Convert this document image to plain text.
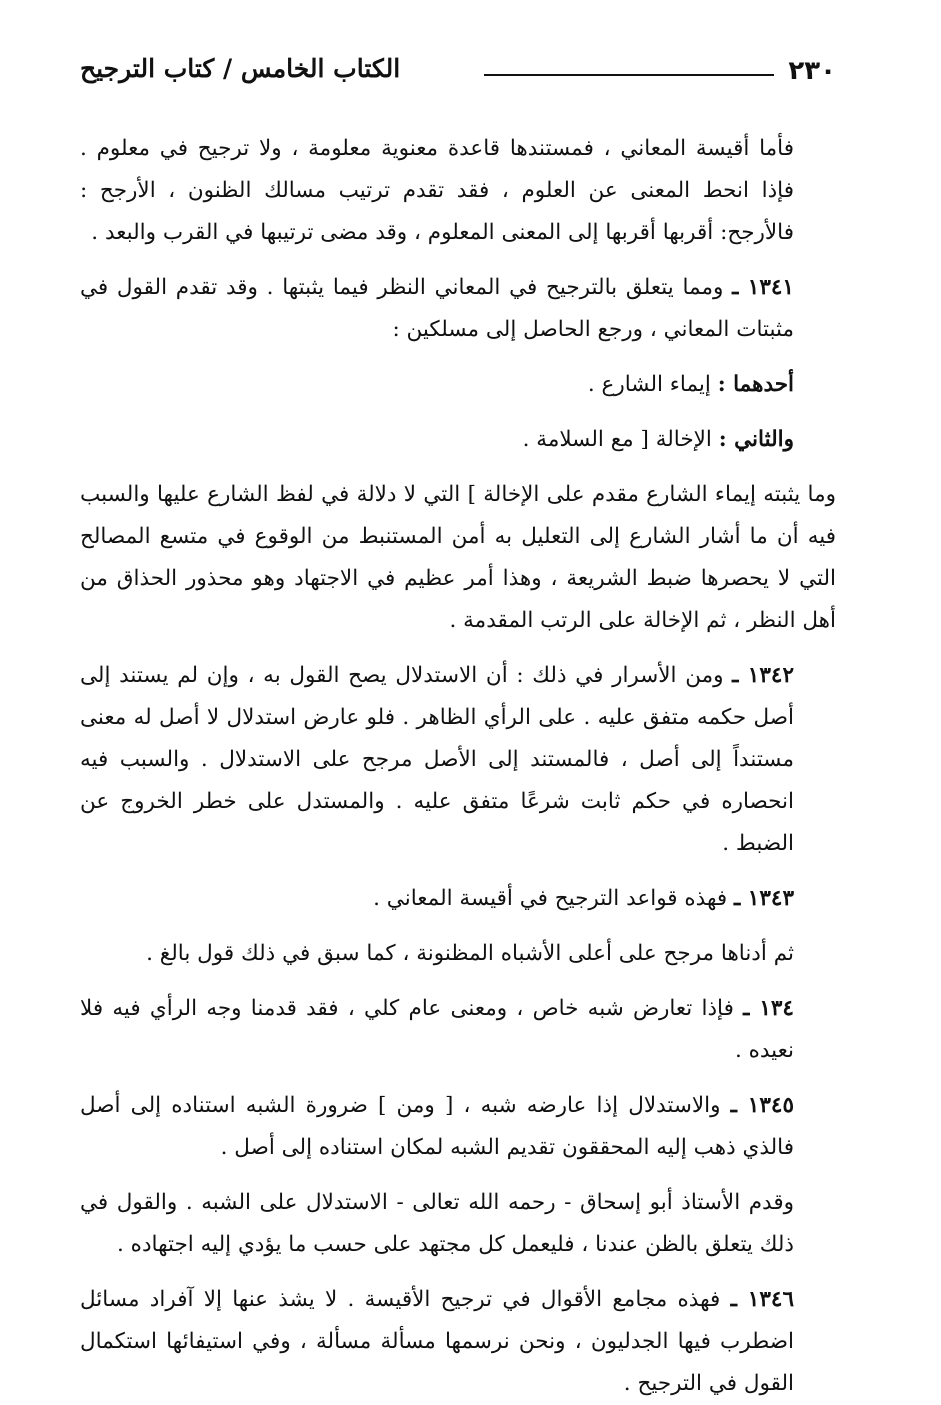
٢٣٠
الكتاب الخامس / كتاب الترجيح

فأما أقيسة المعاني ، فمستندها قاعدة معنوية معلومة ، ولا ترجيح في معلوم . فإذا انحط المعنى عن العلوم ، فقد تقدم ترتيب مسالك الظنون ، الأرجح : فالأرجح: أقربها أقربها إلى المعنى المعلوم ، وقد مضى ترتيبها في القرب والبعد .

١٣٤١ ـ ومما يتعلق بالترجيح في المعاني النظر فيما يثبتها . وقد تقدم القول في مثبتات المعاني ، ورجع الحاصل إلى مسلكين :

أحدهما : إيماء الشارع .

والثاني : الإخالة [ مع السلامة .

وما يثبته إيماء الشارع مقدم على الإخالة ] التي لا دلالة في لفظ الشارع عليها والسبب فيه أن ما أشار الشارع إلى التعليل به أمن المستنبط من الوقوع في متسع المصالح التي لا يحصرها ضبط الشريعة ، وهذا أمر عظيم في الاجتهاد وهو محذور الحذاق من أهل النظر ، ثم الإخالة على الرتب المقدمة .

١٣٤٢ ـ ومن الأسرار في ذلك : أن الاستدلال يصح القول به ، وإن لم يستند إلى أصل حكمه متفق عليه . على الرأي الظاهر . فلو عارض استدلال لا أصل له معنى مستنداً إلى أصل ، فالمستند إلى الأصل مرجح على الاستدلال . والسبب فيه انحصاره في حكم ثابت شرعًا متفق عليه . والمستدل على خطر الخروج عن الضبط .

١٣٤٣ ـ فهذه قواعد الترجيح في أقيسة المعاني .

ثم أدناها مرجح على أعلى الأشباه المظنونة ، كما سبق في ذلك قول بالغ .

١٣٤ ـ فإذا تعارض شبه خاص ، ومعنى عام كلي ، فقد قدمنا وجه الرأي فيه فلا نعيده .

١٣٤٥ ـ والاستدلال إذا عارضه شبه ، [ ومن ] ضرورة الشبه استناده إلى أصل فالذي ذهب إليه المحققون تقديم الشبه لمكان استناده إلى أصل .

وقدم الأستاذ أبو إسحاق - رحمه الله تعالى - الاستدلال على الشبه . والقول في ذلك يتعلق بالظن عندنا ، فليعمل كل مجتهد على حسب ما يؤدي إليه اجتهاده .

١٣٤٦ ـ فهذه مجامع الأقوال في ترجيح الأقيسة . لا يشذ عنها إلا آفراد مسائل اضطرب فيها الجدليون ، ونحن نرسمها مسألة مسألة ، وفي استيفائها استكمال القول في الترجيح .
